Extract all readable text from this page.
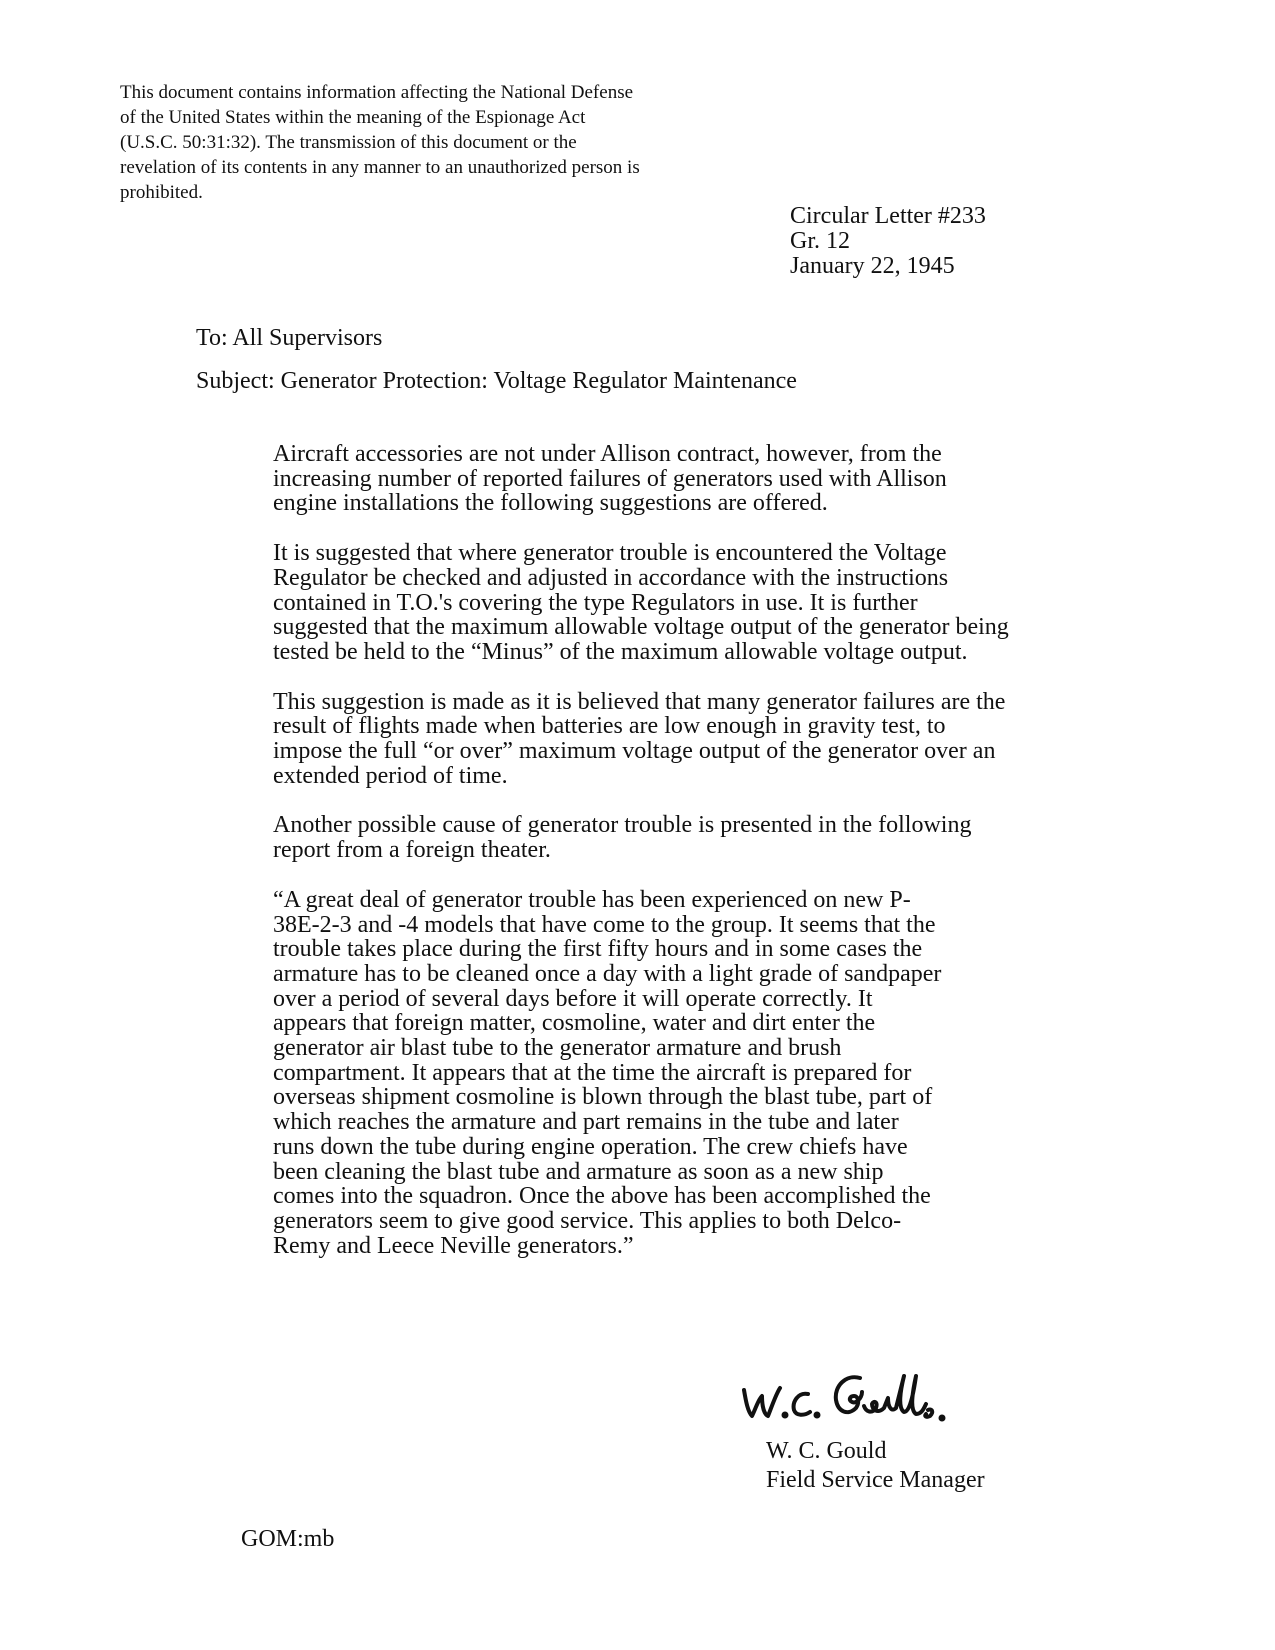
This document contains information affecting the National Defense of the United States within the meaning of the Espionage Act (U.S.C. 50:31:32). The transmission of this document or the revelation of its contents in any manner to an unauthorized person is prohibited.

Circular Letter #233
Gr. 12
January 22, 1945
To: All Supervisors
Subject: Generator Protection: Voltage Regulator Maintenance

Aircraft accessories are not under Allison contract, however, from the increasing number of reported failures of generators used with Allison engine installations the following suggestions are offered.

It is suggested that where generator trouble is encountered the Voltage Regulator be checked and adjusted in accordance with the instructions contained in T.O.'s covering the type Regulators in use. It is further suggested that the maximum allowable voltage output of the generator being tested be held to the “Minus” of the maximum allowable voltage output.

This suggestion is made as it is believed that many generator failures are the result of flights made when batteries are low enough in gravity test, to impose the full “or over” maximum voltage output of the generator over an extended period of time.

Another possible cause of generator trouble is presented in the following report from a foreign theater.

“A great deal of generator trouble has been experienced on new P-38E-2-3 and -4 models that have come to the group. It seems that the trouble takes place during the first fifty hours and in some cases the armature has to be cleaned once a day with a light grade of sandpaper over a period of several days before it will operate correctly. It appears that foreign matter, cosmoline, water and dirt enter the generator air blast tube to the generator armature and brush compartment. It appears that at the time the aircraft is prepared for overseas shipment cosmoline is blown through the blast tube, part of which reaches the armature and part remains in the tube and later runs down the tube during engine operation. The crew chiefs have been cleaning the blast tube and armature as soon as a new ship comes into the squadron. Once the above has been accomplished the generators seem to give good service. This applies to both Delco-Remy and Leece Neville generators.”

W. C. Gould
Field Service Manager
GOM:mb
